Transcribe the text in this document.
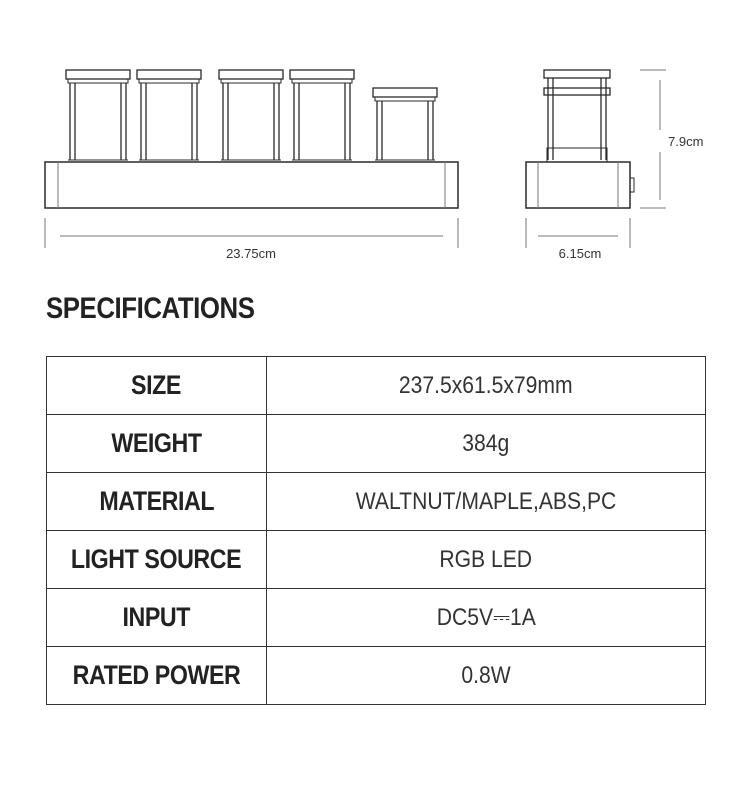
23.75cm	6.15cm
7.9cm
SPECIFICATIONS
SIZE	237.5x61.5x79mm
WEIGHT	384g
MATERIAL	WALTNUT/MAPLE,ABS,PC
LIGHT SOURCE	RGB LED
INPUT	DC5V⎓1A
RATED POWER	0.8W
